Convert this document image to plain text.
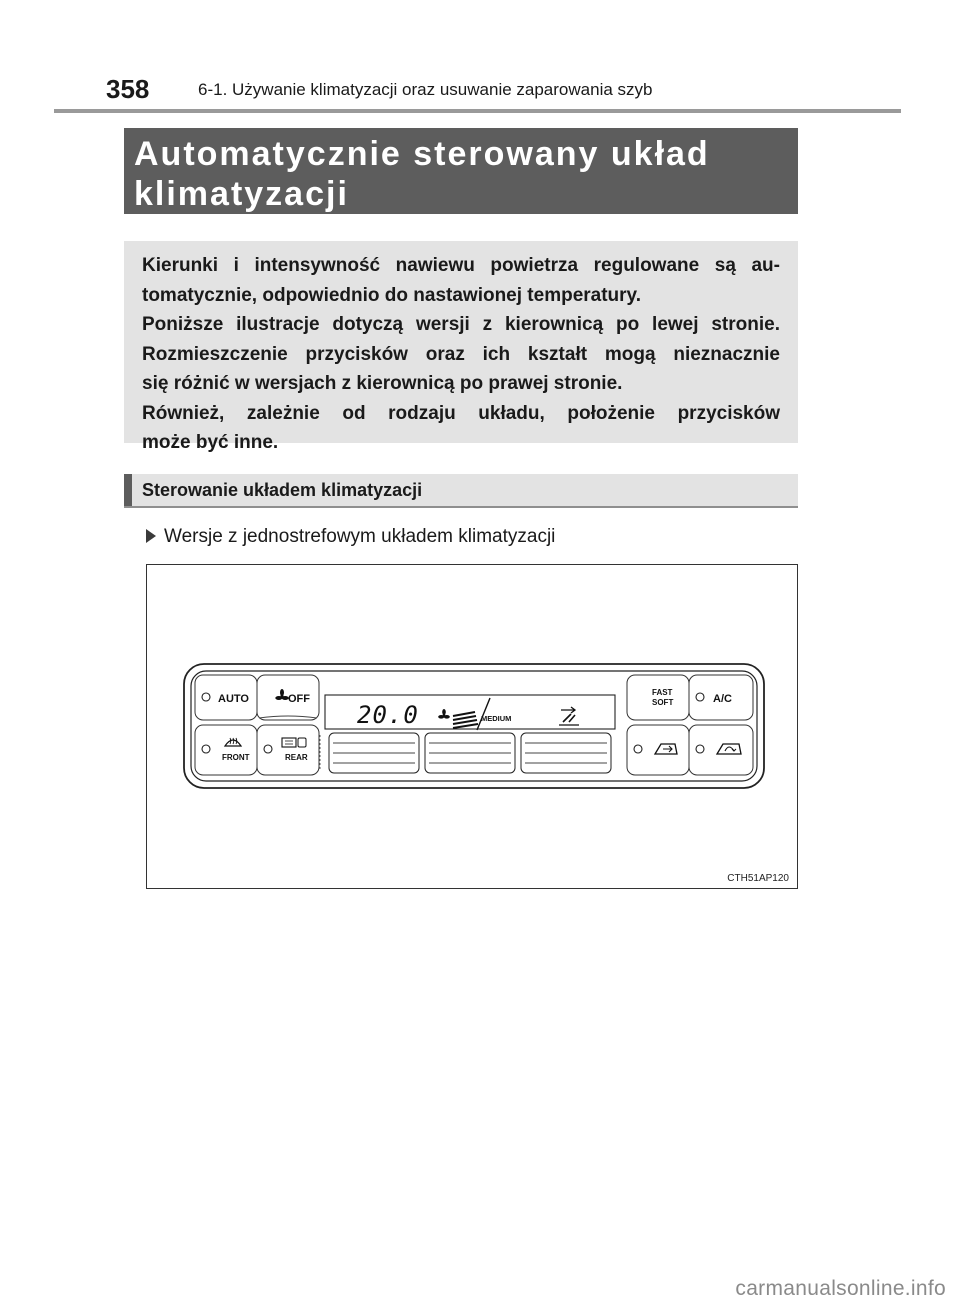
358	6-1. Używanie klimatyzacji oraz usuwanie zaparowania szyb
Automatycznie sterowany układ
klimatyzacji
Kierunki i intensywność nawiewu powietrza regulowane są au-
tomatycznie, odpowiednio do nastawionej temperatury.
Poniższe ilustracje dotyczą wersji z kierownicą po lewej stronie.
Rozmieszczenie przycisków oraz ich kształt mogą nieznacznie
się różnić w wersjach z kierownicą po prawej stronie.
Również, zależnie od rodzaju układu, położenie przycisków
może być inne.
Sterowanie układem klimatyzacji
Wersje z jednostrefowym układem klimatyzacji
AUTO	OFF
FRONT	REAR
20.0	MEDIUM
FAST
SOFT	A/C
CTH51AP120
carmanualsonline.info
